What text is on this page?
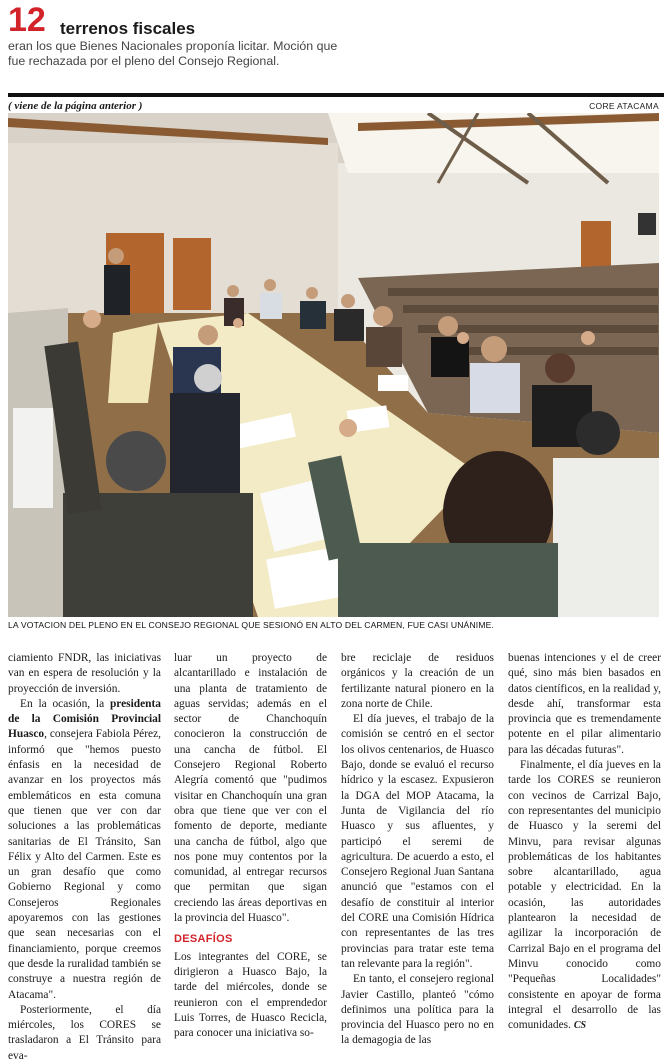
12 terrenos fiscales
eran los que Bienes Nacionales proponía licitar. Moción que fue rechazada por el pleno del Consejo Regional.
( viene de la página anterior )	CORE ATACAMA
LA VOTACION DEL PLENO EN EL CONSEJO REGIONAL QUE SESIONÓ EN ALTO DEL CARMEN, FUE CASI UNÁNIME.

ciamiento FNDR, las iniciativas van en espera de resolución y la proyección de inversión.

En la ocasión, la presidenta de la Comisión Provincial Huasco, consejera Fabiola Pérez, informó que "hemos puesto énfasis en la necesidad de avanzar en los proyectos más emblemáticos en esta comuna que tienen que ver con dar soluciones a las problemáticas sanitarias de El Tránsito, San Félix y Alto del Carmen. Este es un gran desafío que como Gobierno Regional y como Consejeros Regionales apoyaremos con las gestiones que sean necesarias con el financiamiento, porque creemos que desde la ruralidad también se construye a nuestra región de Atacama".

Posteriormente, el día miércoles, los CORES se trasladaron a El Tránsito para eva-

luar un proyecto de alcantarillado e instalación de una planta de tratamiento de aguas servidas; además en el sector de Chanchoquín conocieron la construcción de una cancha de fútbol. El Consejero Regional Roberto Alegría comentó que "pudimos visitar en Chanchoquín una gran obra que tiene que ver con el fomento de deporte, mediante una cancha de fútbol, algo que nos pone muy contentos por la comunidad, al entregar recursos que permitan que sigan creciendo las áreas deportivas en la provincia del Huasco".

DESAFÍOS

Los integrantes del CORE, se dirigieron a Huasco Bajo, la tarde del miércoles, donde se reunieron con el emprendedor Luis Torres, de Huasco Recicla, para conocer una iniciativa so-

bre reciclaje de residuos orgánicos y la creación de un fertilizante natural pionero en la zona norte de Chile.

El día jueves, el trabajo de la comisión se centró en el sector los olivos centenarios, de Huasco Bajo, donde se evaluó el recurso hídrico y la escasez. Expusieron la DGA del MOP Atacama, la Junta de Vigilancia del río Huasco y sus afluentes, y participó el seremi de agricultura. De acuerdo a esto, el Consejero Regional Juan Santana anunció que "estamos con el desafío de constituir al interior del CORE una Comisión Hídrica con representantes de las tres provincias para tratar este tema tan relevante para la región".

En tanto, el consejero regional Javier Castillo, planteó "cómo definimos una política para la provincia del Huasco pero no en la demagogia de las

buenas intenciones y el de creer qué, sino más bien basados en datos científicos, en la realidad y, desde ahí, transformar esta provincia que es tremendamente potente en el pilar alimentario para las décadas futuras".

Finalmente, el día jueves en la tarde los CORES se reunieron con vecinos de Carrizal Bajo, con representantes del municipio de Huasco y la seremi del Minvu, para revisar algunas problemáticas de los habitantes sobre alcantarillado, agua potable y electricidad. En la ocasión, las autoridades plantearon la necesidad de agilizar la incorporación de Carrizal Bajo en el programa del Minvu conocido como "Pequeñas Localidades" consistente en apoyar de forma integral el desarrollo de las comunidades. CS
